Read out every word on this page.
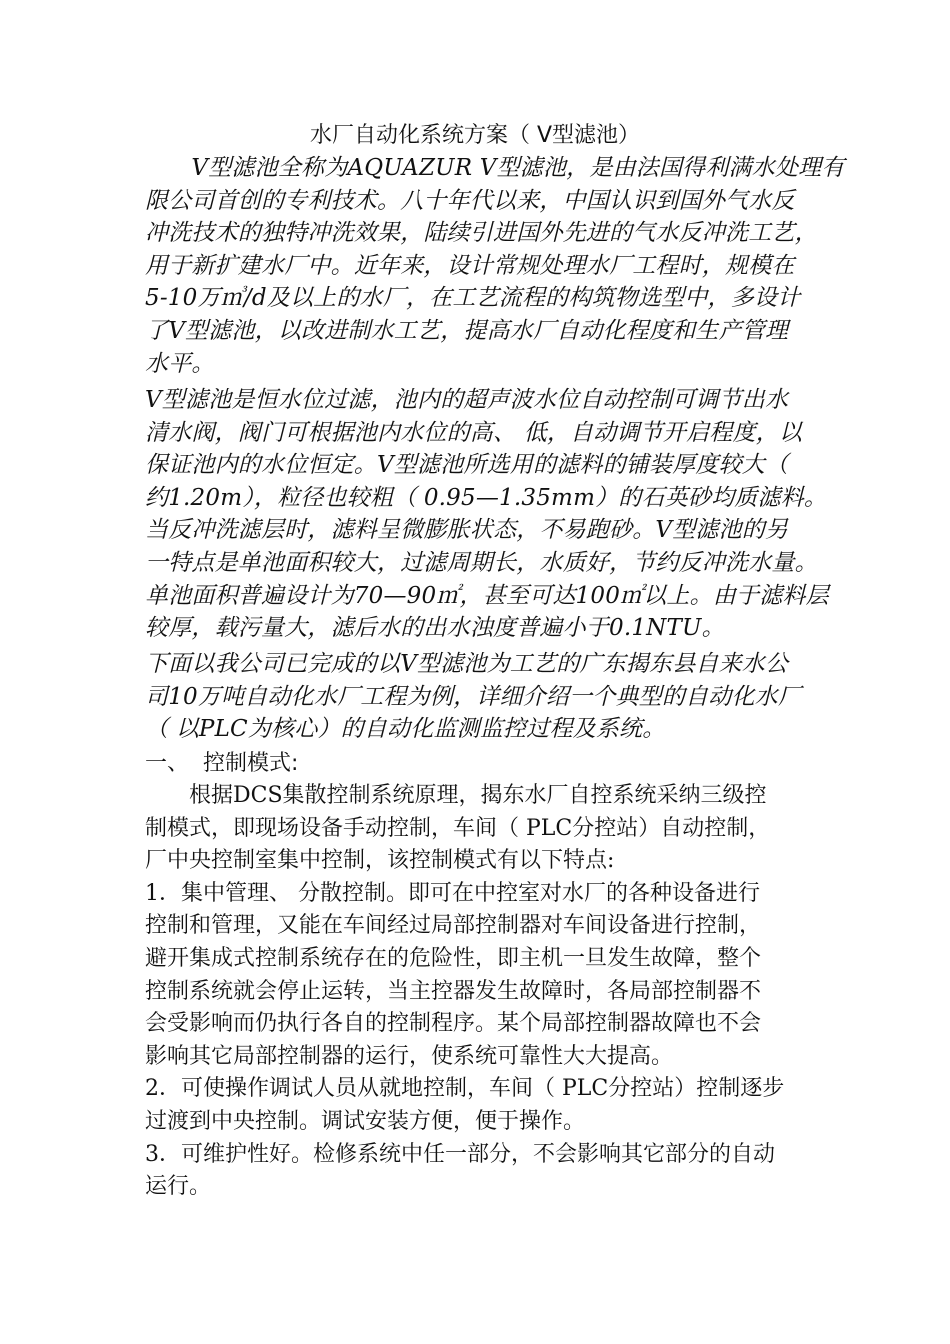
水厂自动化系统方案（ V型滤池）
　　V型滤池全称为AQUAZUR V型滤池，是由法国得利满水处理有
限公司首创的专利技术。八十年代以来，中国认识到国外气水反
冲洗技术的独特冲洗效果，陆续引进国外先进的气水反冲洗工艺，
用于新扩建水厂中。近年来，设计常规处理水厂工程时，规模在
5-10万㎥/d及以上的水厂，在工艺流程的构筑物选型中，多设计
了V型滤池，以改进制水工艺，提高水厂自动化程度和生产管理
水平。
V型滤池是恒水位过滤，池内的超声波水位自动控制可调节出水
清水阀，阀门可根据池内水位的高、 低，自动调节开启程度，以
保证池内的水位恒定。V型滤池所选用的滤料的铺装厚度较大（
约1.20m），粒径也较粗（ 0.95—1.35mm）的石英砂均质滤料。
当反冲洗滤层时，滤料呈微膨胀状态，不易跑砂。V型滤池的另
一特点是单池面积较大，过滤周期长，水质好，节约反冲洗水量。
单池面积普遍设计为70—90㎡，甚至可达100㎡以上。由于滤料层
较厚，载污量大，滤后水的出水浊度普遍小于0.1NTU。
下面以我公司已完成的以V型滤池为工艺的广东揭东县自来水公
司10万吨自动化水厂工程为例，详细介绍一个典型的自动化水厂
（ 以PLC为核心）的自动化监测监控过程及系统。
一、 控制模式:
　　根据DCS集散控制系统原理，揭东水厂自控系统采纳三级控
制模式，即现场设备手动控制，车间（ PLC分控站）自动控制，
厂中央控制室集中控制，该控制模式有以下特点:
1．集中管理、 分散控制。即可在中控室对水厂的各种设备进行
控制和管理，又能在车间经过局部控制器对车间设备进行控制，
避开集成式控制系统存在的危险性，即主机一旦发生故障，整个
控制系统就会停止运转，当主控器发生故障时，各局部控制器不
会受影响而仍执行各自的控制程序。某个局部控制器故障也不会
影响其它局部控制器的运行，使系统可靠性大大提高。
2．可使操作调试人员从就地控制，车间（ PLC分控站）控制逐步
过渡到中央控制。调试安装方便，便于操作。
3．可维护性好。检修系统中任一部分，不会影响其它部分的自动
运行。
